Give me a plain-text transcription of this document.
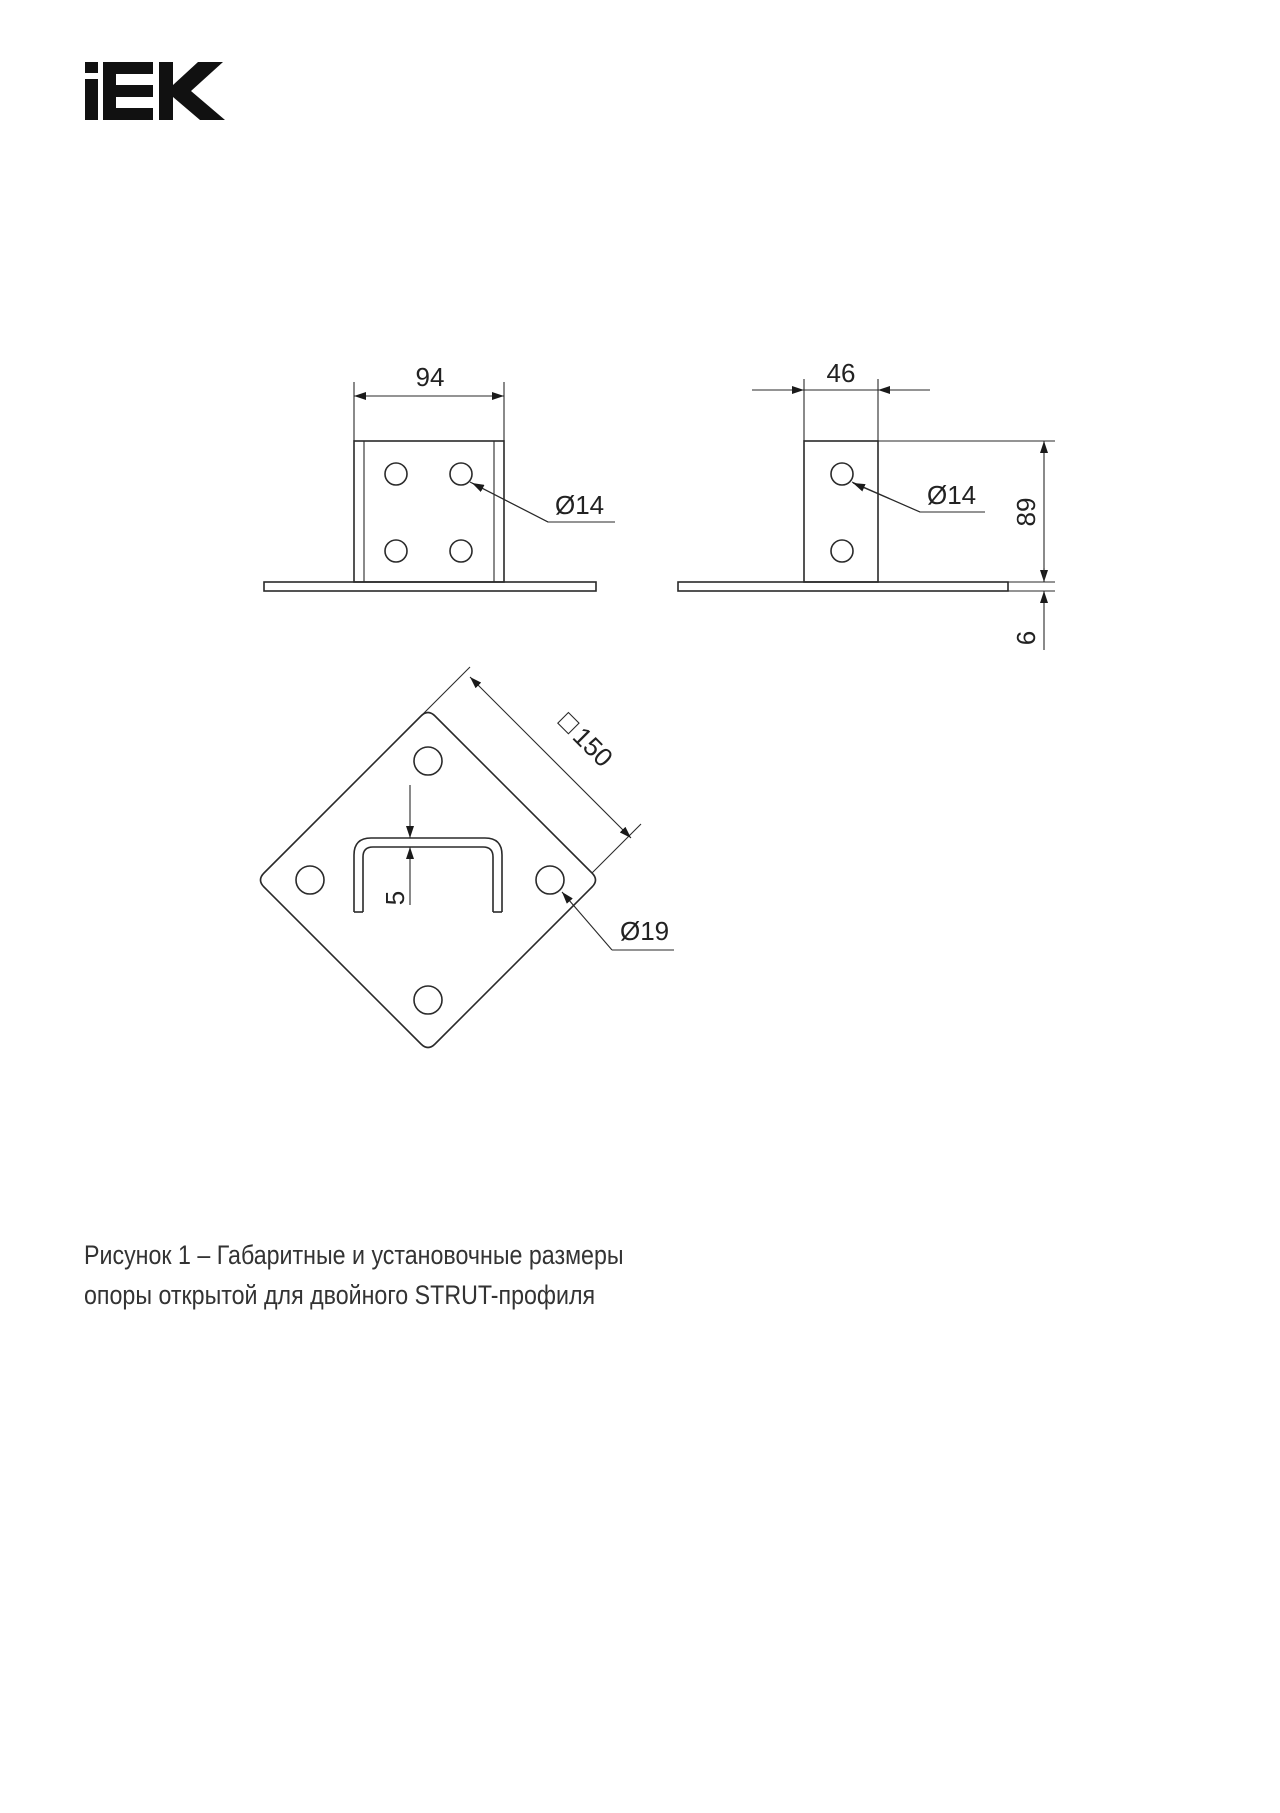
94
Ø14
46
Ø14
89
6
5
150
Ø19
Рисунок 1 – Габаритные и установочные размеры
опоры открытой для двойного STRUT-профиля
